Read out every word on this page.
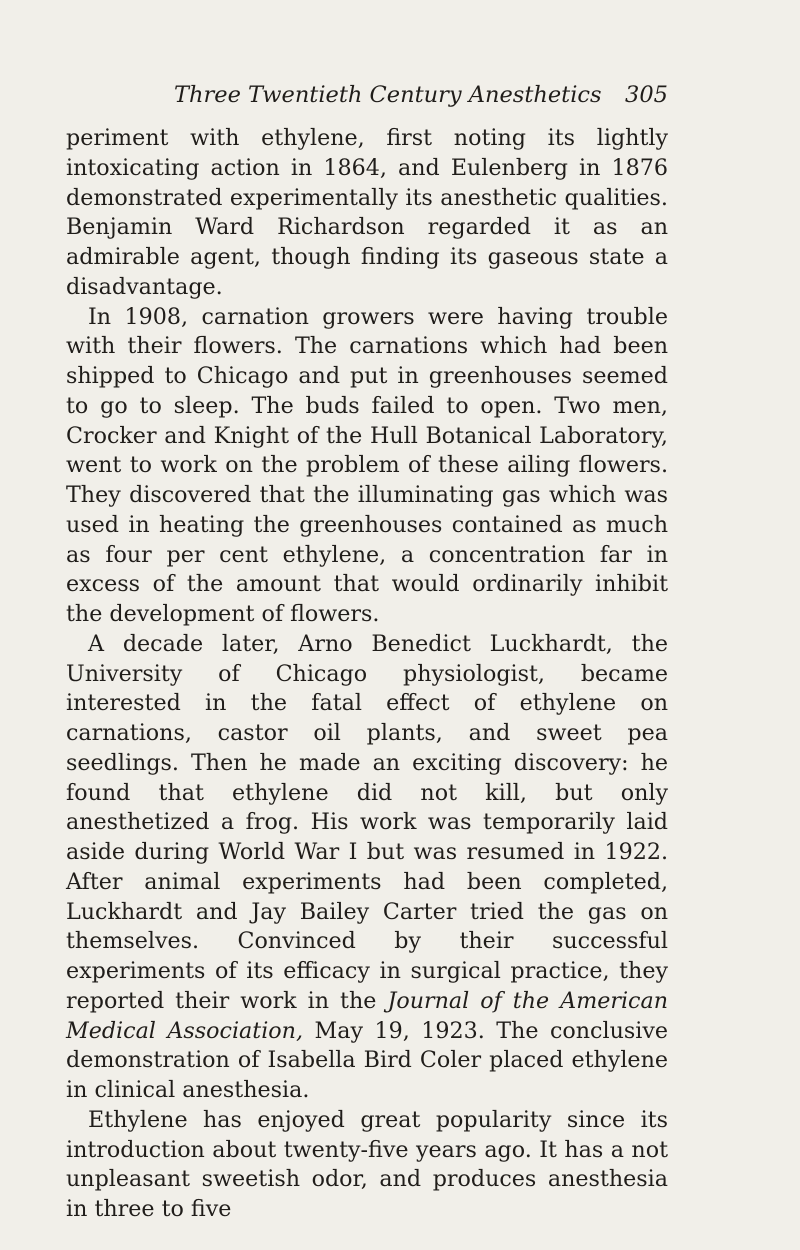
Three Twentieth Century Anesthetics 305

periment with ethylene, first noting its lightly intoxicating action in 1864, and Eulenberg in 1876 demonstrated experimentally its anesthetic qualities. Benjamin Ward Richardson regarded it as an admirable agent, though finding its gaseous state a disadvantage.

In 1908, carnation growers were having trouble with their flowers. The carnations which had been shipped to Chicago and put in greenhouses seemed to go to sleep. The buds failed to open. Two men, Crocker and Knight of the Hull Botanical Laboratory, went to work on the problem of these ailing flowers. They discovered that the illuminating gas which was used in heating the greenhouses contained as much as four per cent ethylene, a concentration far in excess of the amount that would ordinarily inhibit the development of flowers.

A decade later, Arno Benedict Luckhardt, the University of Chicago physiologist, became interested in the fatal effect of ethylene on carnations, castor oil plants, and sweet pea seedlings. Then he made an exciting discovery: he found that ethylene did not kill, but only anesthetized a frog. His work was temporarily laid aside during World War I but was resumed in 1922. After animal experiments had been completed, Luckhardt and Jay Bailey Carter tried the gas on themselves. Convinced by their successful experiments of its efficacy in surgical practice, they reported their work in the Journal of the American Medical Association, May 19, 1923. The conclusive demonstration of Isabella Bird Coler placed ethylene in clinical anesthesia.

Ethylene has enjoyed great popularity since its introduction about twenty-five years ago. It has a not unpleasant sweetish odor, and produces anesthesia in three to five
